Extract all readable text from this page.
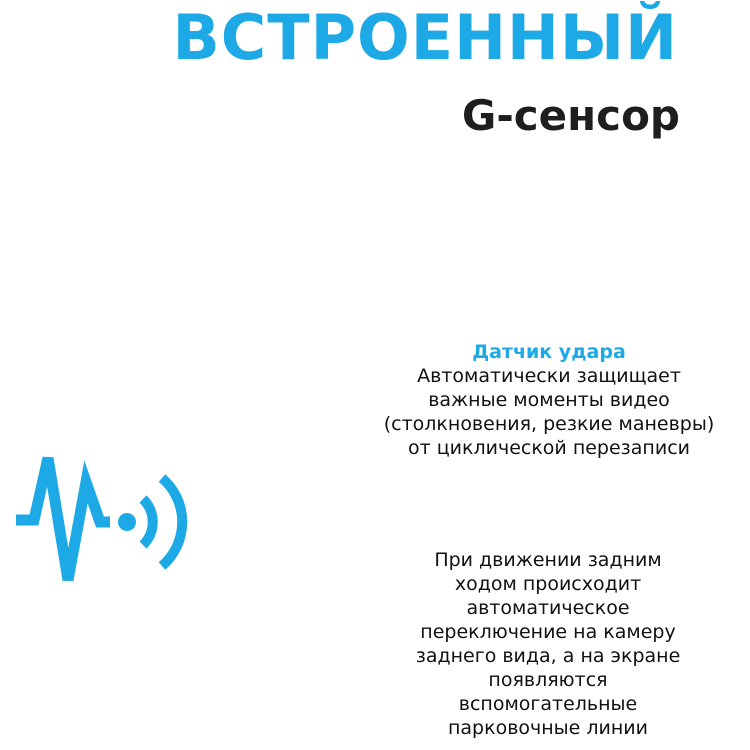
ВСТРОЕННЫЙ
G-сенсор
Датчик удара
Автоматически защищает
важные моменты видео
(столкновения, резкие маневры)
от циклической перезаписи
При движении задним
ходом происходит
автоматическое
переключение на камеру
заднего вида, а на экране
появляются
вспомогательные
парковочные линии
